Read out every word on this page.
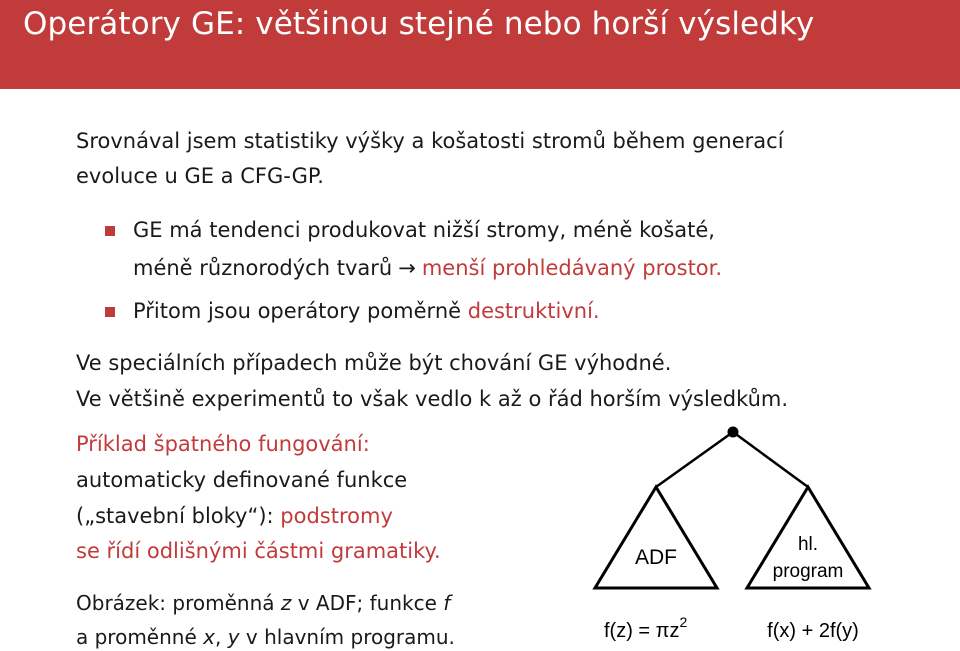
Operátory GE: většinou stejné nebo horší výsledky
Srovnával jsem statistiky výšky a košatosti stromů během generací
evoluce u GE a CFG-GP.
GE má tendenci produkovat nižší stromy, méně košaté,
méně různorodých tvarů → menší prohledávaný prostor.
Přitom jsou operátory poměrně destruktivní.
Ve speciálních případech může být chování GE výhodné.
Ve většině experimentů to však vedlo k až o řád horším výsledkům.
Příklad špatného fungování:
automaticky definované funkce
(„stavební bloky“): podstromy
se řídí odlišnými částmi gramatiky.
Obrázek: proměnná z v ADF; funkce f
a proměnné x, y v hlavním programu.
ADF
hl.
program
$f(z) = \pi z^2$	f(x) + 2f(y)
